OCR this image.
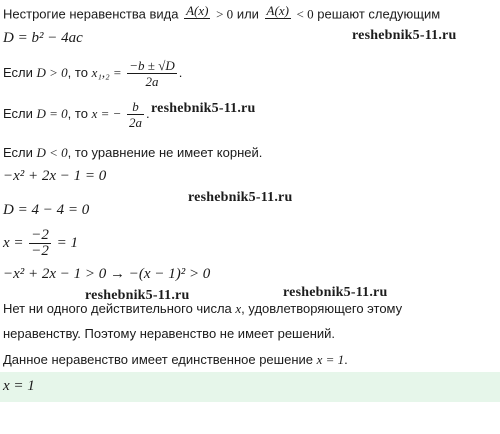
Нестрогие неравенства вида A(x) > 0 или A(x) < 0 решают следующим
D = b² − 4ac	reshebnik5-11.ru
Если D > 0, то $x_1,_2 = \frac{-b \pm √D}{2a}$ .
Если D = 0, то x = − $\frac{b}{2a}$ . reshebnik5-11.ru
Если D < 0, то уравнение не имеет корней.
−x² + 2x − 1 = 0
reshebnik5-11.ru
D = 4 − 4 = 0
$x = \frac{-2}{-2} = 1$
−x² + 2x − 1 > 0 → −(x − 1)² > 0
reshebnik5-11.ru	reshebnik5-11.ru
Нет ни одного действительного числа x, удовлетворяющего этому
неравенству. Поэтому неравенство не имеет решений.
Данное неравенство имеет единственное решение x = 1.
x = 1
